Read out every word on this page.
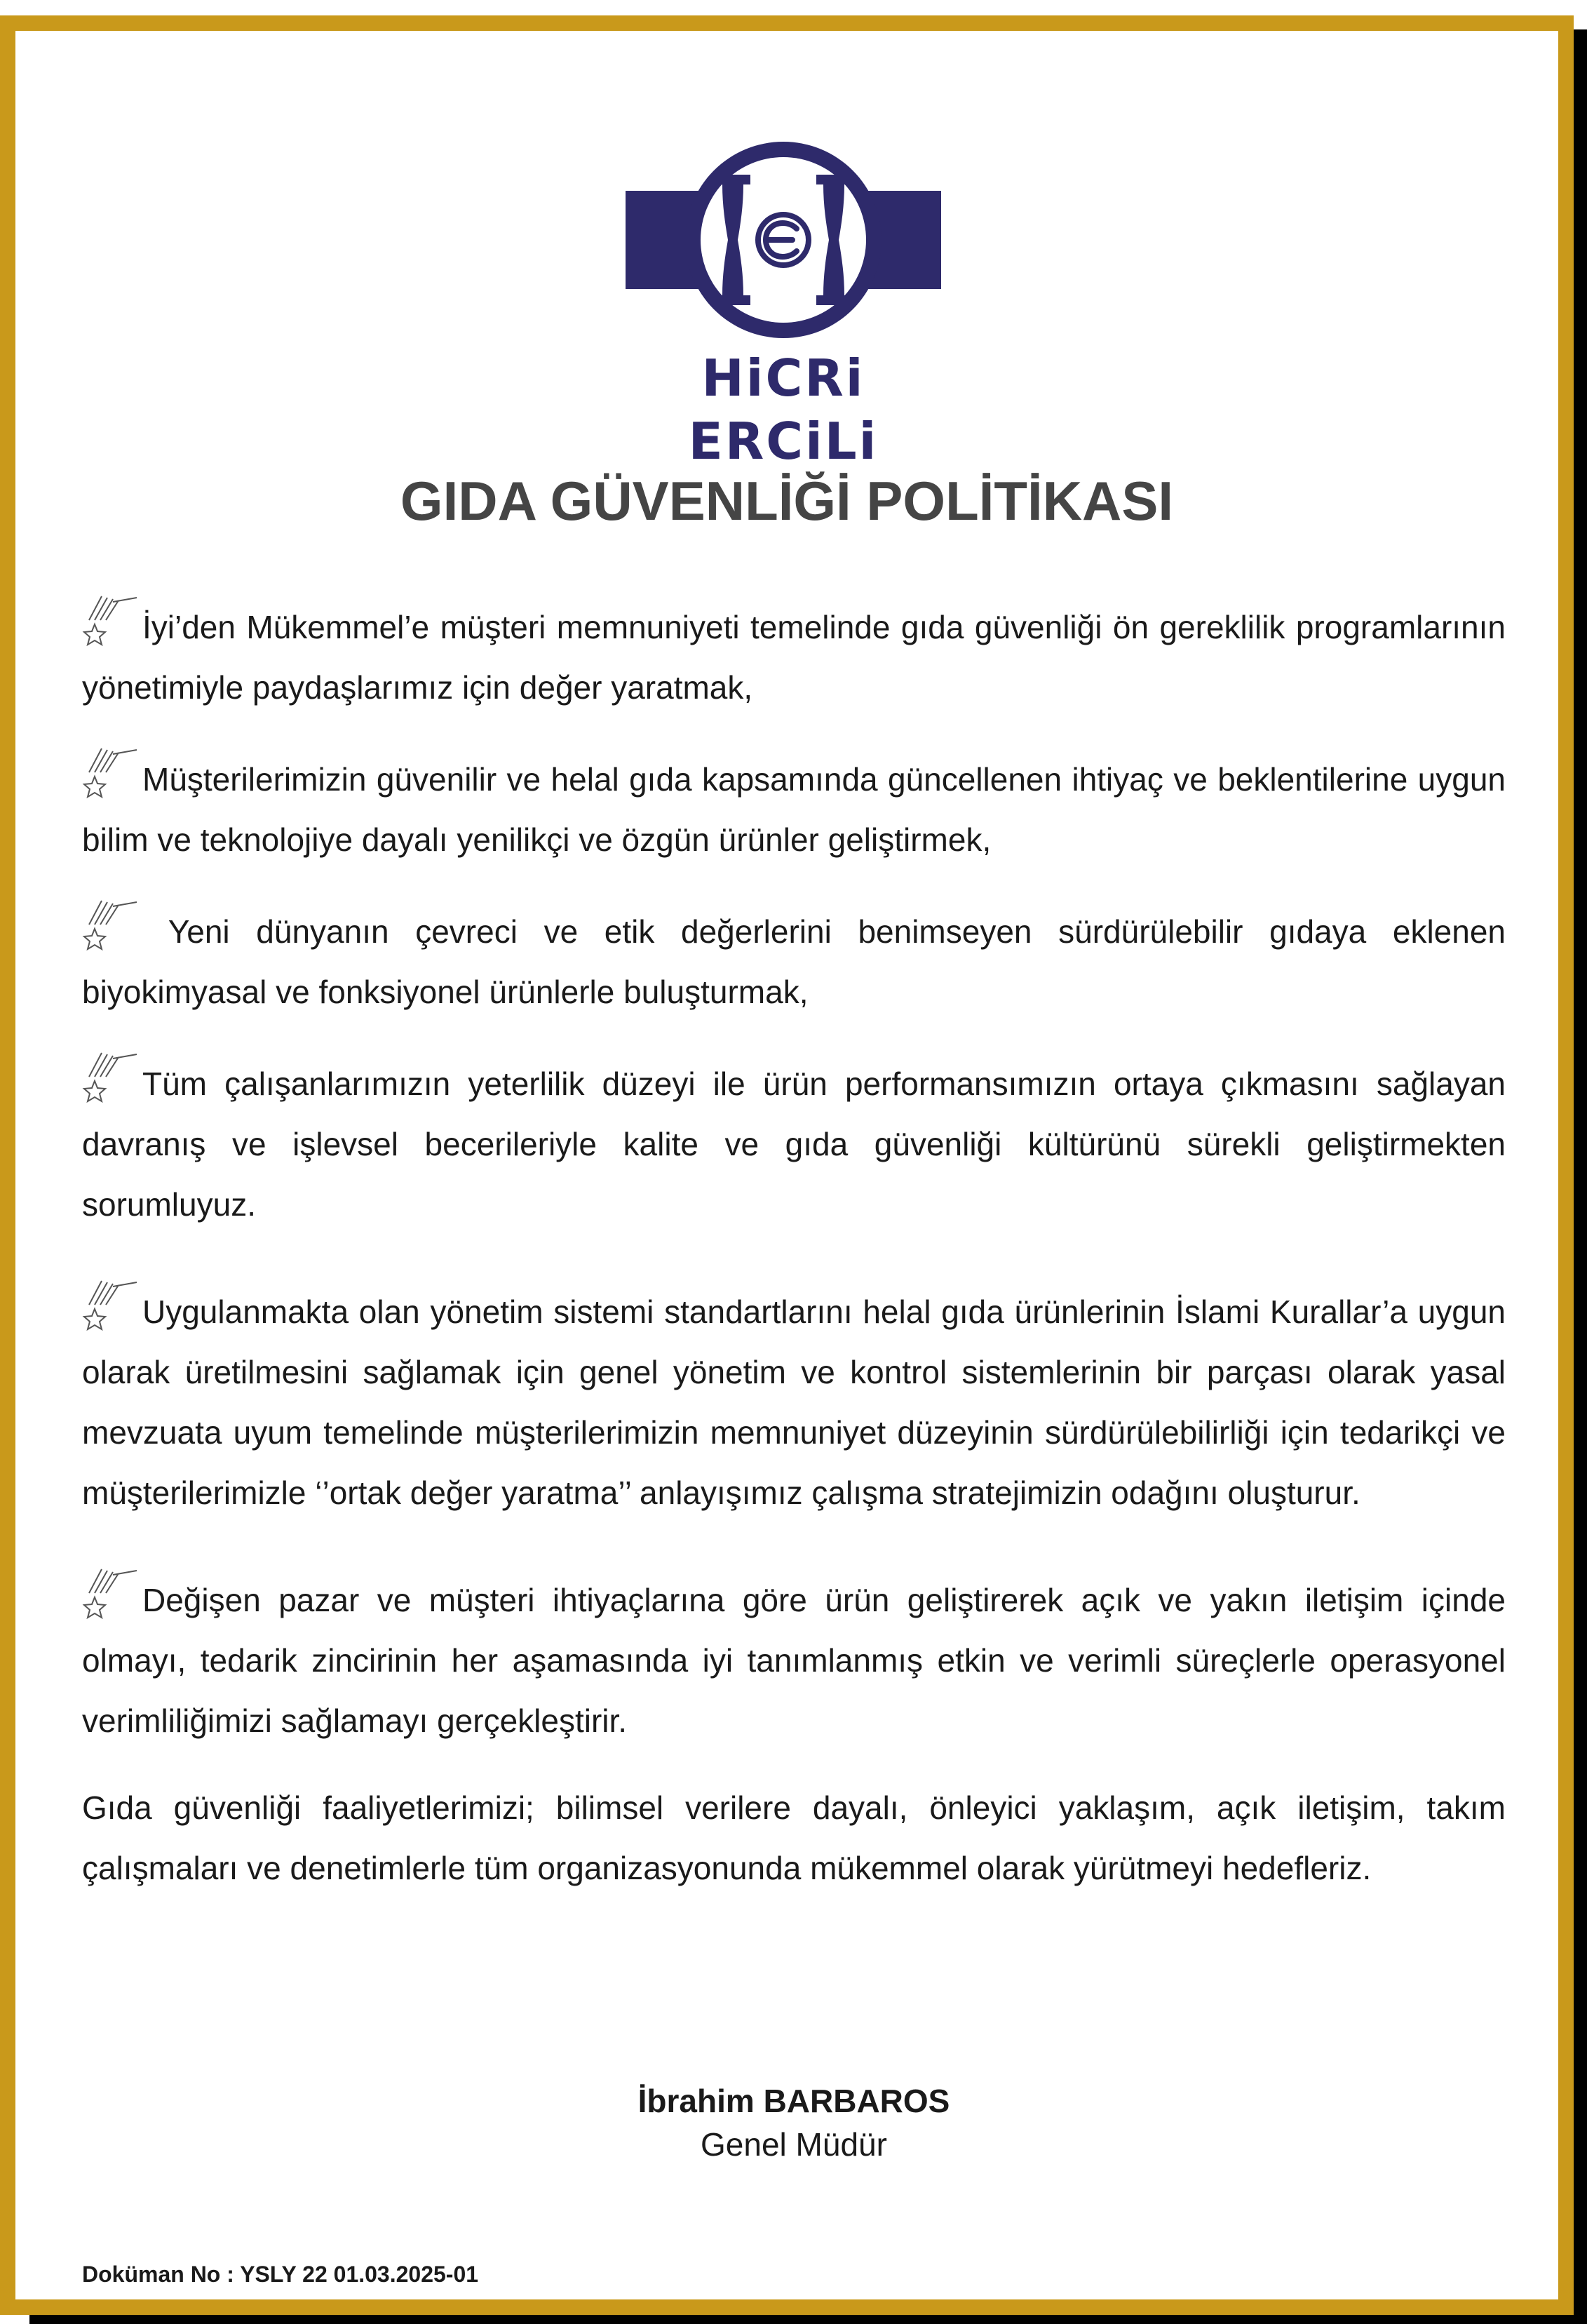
HiCRi ERCiLi
GIDA GÜVENLİĞİ POLİTİKASI

İyi’den Mükemmel’e müşteri memnuniyeti temelinde gıda güvenliği ön gereklilik programlarının yönetimiyle paydaşlarımız için değer yaratmak,

Müşterilerimizin güvenilir ve helal gıda kapsamında güncellenen ihtiyaç ve beklentilerine uygun bilim ve teknolojiye dayalı yenilikçi ve özgün ürünler geliştirmek,

Yeni dünyanın çevreci ve etik değerlerini benimseyen sürdürülebilir gıdaya eklenen biyokimyasal ve fonksiyonel ürünlerle buluşturmak,

Tüm çalışanlarımızın yeterlilik düzeyi ile ürün performansımızın ortaya çıkmasını sağlayan davranış ve işlevsel becerileriyle kalite ve gıda güvenliği kültürünü sürekli geliştirmekten sorumluyuz.

Uygulanmakta olan yönetim sistemi standartlarını helal gıda ürünlerinin İslami Kurallar’a uygun olarak üretilmesini sağlamak için genel yönetim ve kontrol sistemlerinin bir parçası olarak yasal mevzuata uyum temelinde müşterilerimizin memnuniyet düzeyinin sürdürülebilirliği için tedarikçi ve müşterilerimizle ‘’ortak değer yaratma’’ anlayışımız çalışma stratejimizin odağını oluşturur.

Değişen pazar ve müşteri ihtiyaçlarına göre ürün geliştirerek açık ve yakın iletişim içinde olmayı, tedarik zincirinin her aşamasında iyi tanımlanmış etkin ve verimli süreçlerle operasyonel verimliliğimizi sağlamayı gerçekleştirir.

Gıda güvenliği faaliyetlerimizi; bilimsel verilere dayalı, önleyici yaklaşım, açık iletişim, takım çalışmaları ve denetimlerle tüm organizasyonunda mükemmel olarak yürütmeyi hedefleriz.

İbrahim BARBAROS
Genel Müdür
Doküman No : YSLY 22 01.03.2025-01
